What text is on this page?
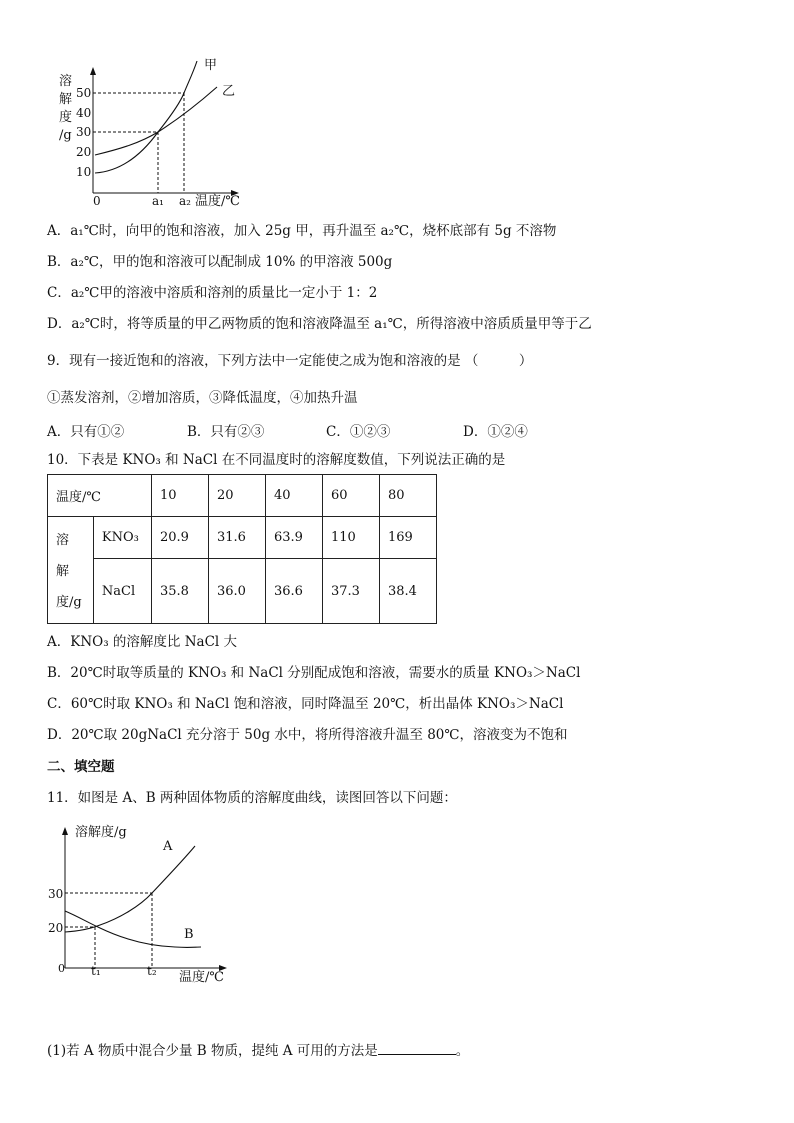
溶
解
度
/g
50
40
30
20
10
0	a₁ a₂ 温度/℃
甲
乙
A．a₁℃时，向甲的饱和溶液，加入 25g 甲，再升温至 a₂℃，烧杯底部有 5g 不溶物
B．a₂℃，甲的饱和溶液可以配制成 10% 的甲溶液 500g
C．a₂℃甲的溶液中溶质和溶剂的质量比一定小于 1：2
D．a₂℃时，将等质量的甲乙两物质的饱和溶液降温至 a₁℃，所得溶液中溶质质量甲等于乙
9．现有一接近饱和的溶液，下列方法中一定能使之成为饱和溶液的是 （　　　）
①蒸发溶剂，②增加溶质，③降低温度，④加热升温
A．只有①②	B．只有②③	C．①②③	D．①②④
10．下表是 KNO₃ 和 NaCl 在不同温度时的溶解度数值，下列说法正确的是
温度/℃		10	20	40	60	80
溶
解
度/g	KNO₃	20.9	31.6	63.9	110	169
	NaCl	35.8	36.0	36.6	37.3	38.4
A．KNO₃ 的溶解度比 NaCl 大
B．20℃时取等质量的 KNO₃ 和 NaCl 分别配成饱和溶液，需要水的质量 KNO₃＞NaCl
C．60℃时取 KNO₃ 和 NaCl 饱和溶液，同时降温至 20℃，析出晶体 KNO₃＞NaCl
D．20℃取 20gNaCl 充分溶于 50g 水中，将所得溶液升温至 80℃，溶液变为不饱和
二、填空题
11．如图是 A、B 两种固体物质的溶解度曲线，读图回答以下问题：
溶解度/g
30
20
0
A
B
t₁	t₂ 温度/℃
(1)若 A 物质中混合少量 B 物质，提纯 A 可用的方法是	。
